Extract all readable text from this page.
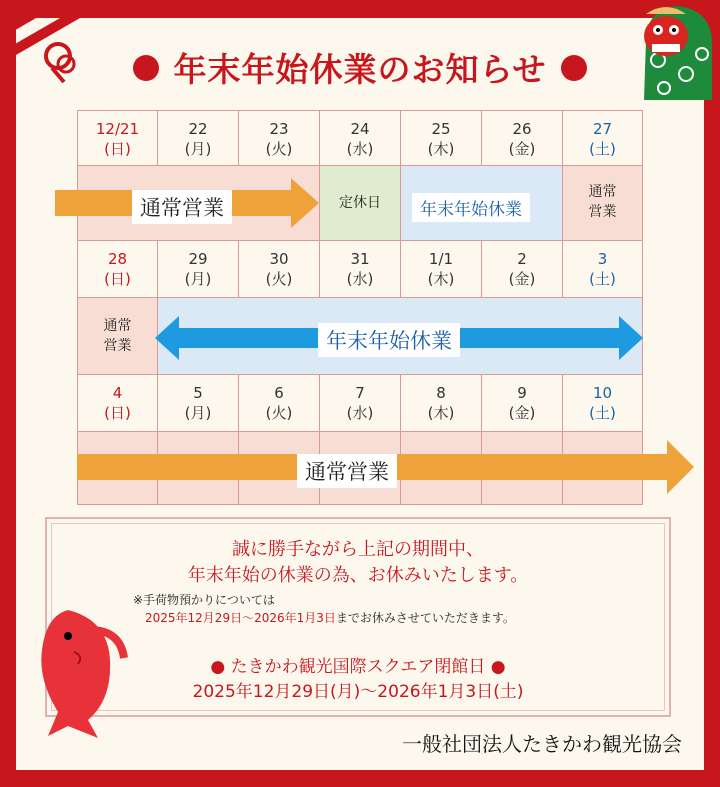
年末年始休業のお知らせ
12/21
(日)
22
(月)
23
(火)
24
(水)
25
(木)
26
(金)
27
(土)
定休日
通常
営業
28
(日)
29
(月)
30
(火)
31
(水)
1/1
(木)
2
(金)
3
(土)
通常
営業
4
(日)
5
(月)
6
(火)
7
(水)
8
(木)
9
(金)
10
(土)
通常営業	年末年始休業
年末年始休業
通常営業
誠に勝手ながら上記の期間中、
年末年始の休業の為、お休みいたします。
※手荷物預かりについては
2025年12月29日～2026年1月3日までお休みさせていただきます。
● たきかわ観光国際スクエア閉館日 ●
2025年12月29日(月)～2026年1月3日(土)
一般社団法人たきかわ観光協会
